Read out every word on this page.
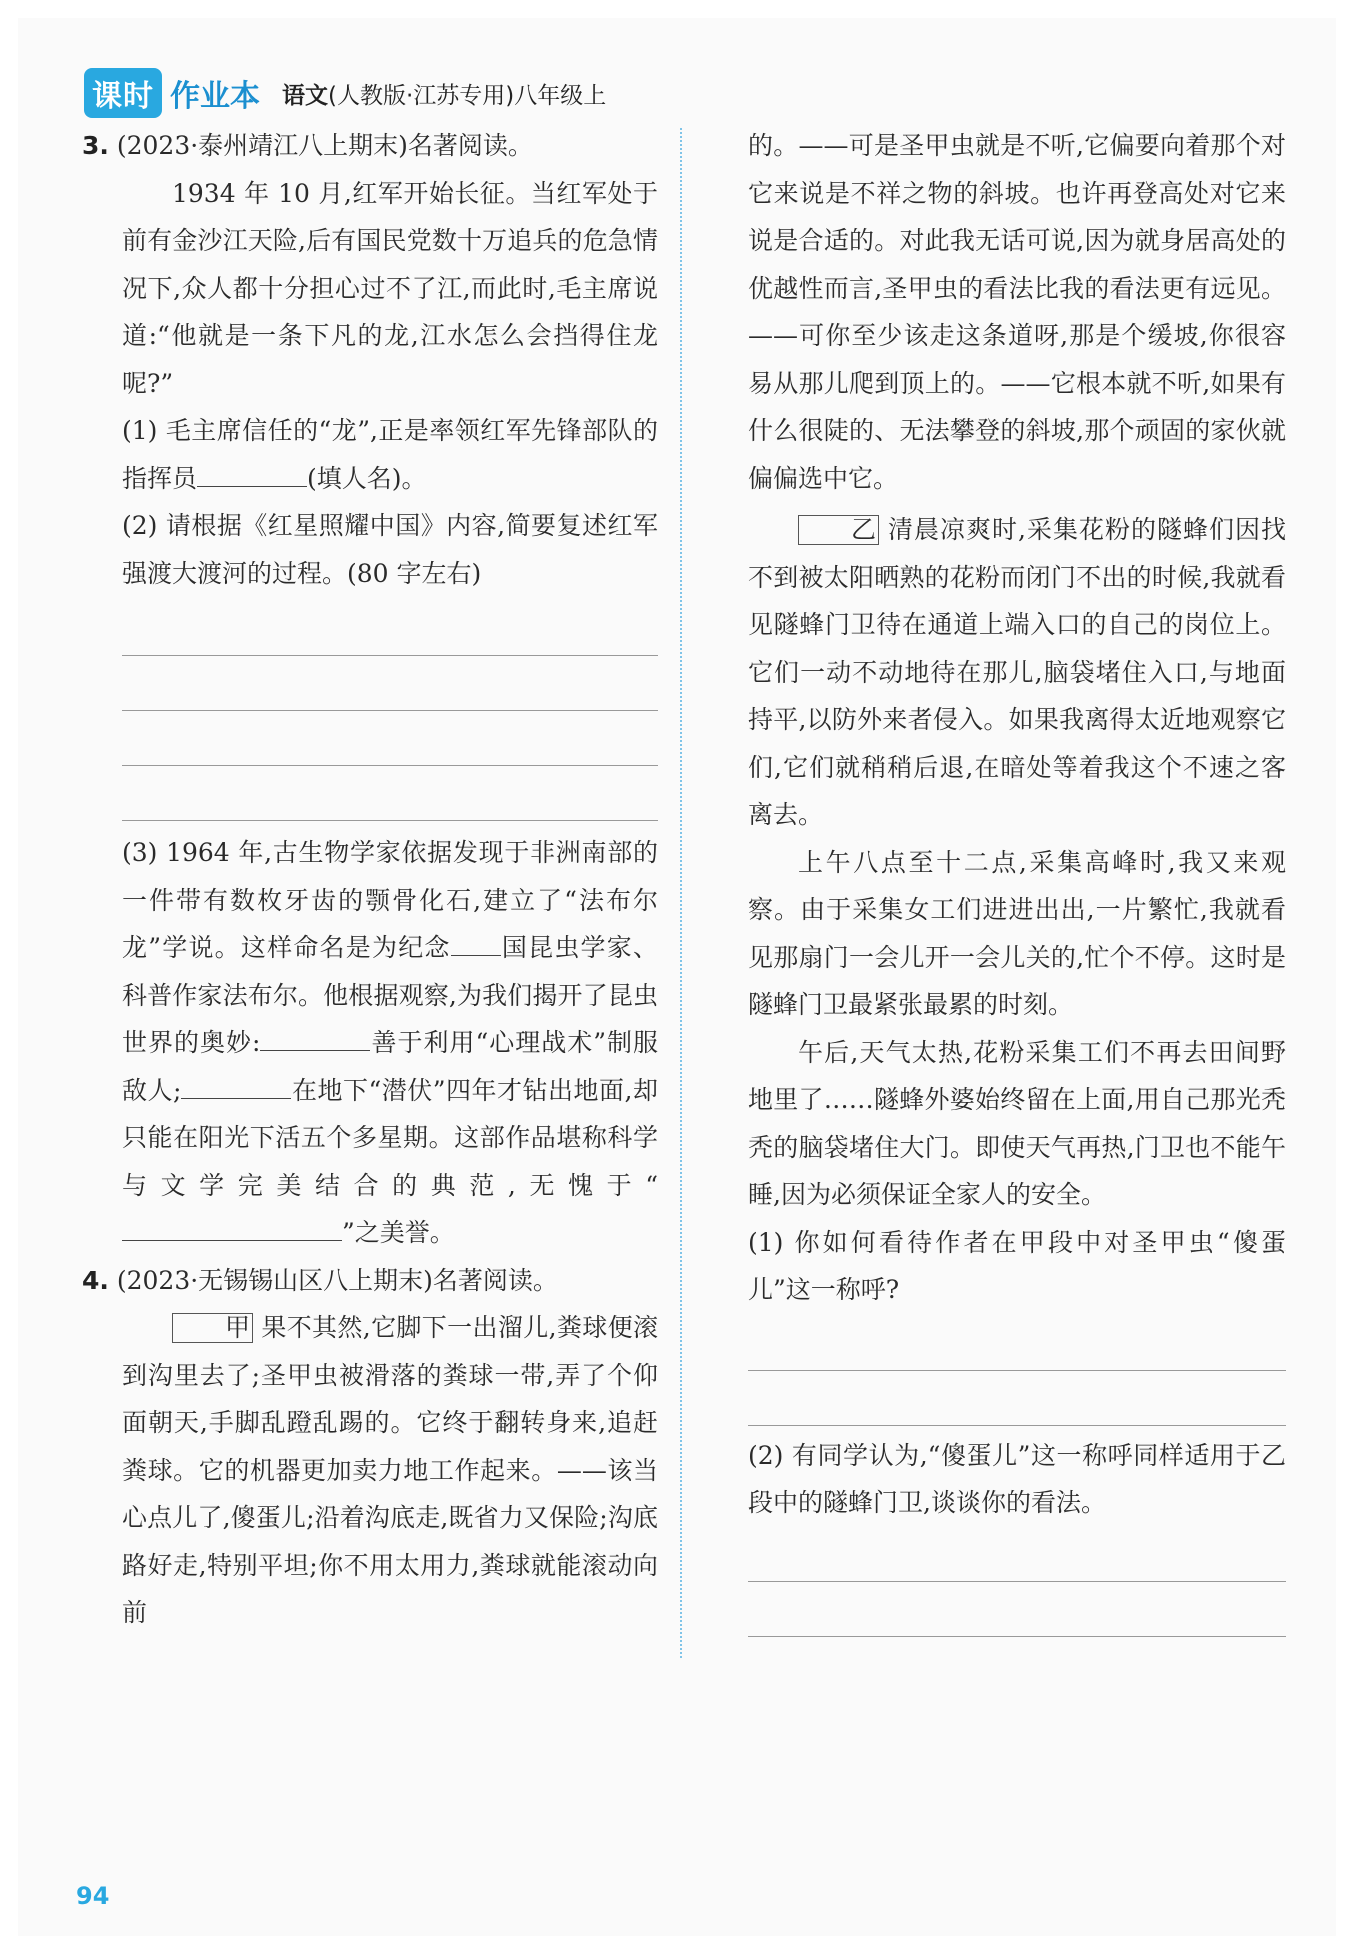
课时 作业本 语文(人教版·江苏专用)八年级上

3. (2023·泰州靖江八上期末)名著阅读。

1934 年 10 月,红军开始长征。当红军处于前有金沙江天险,后有国民党数十万追兵的危急情况下,众人都十分担心过不了江,而此时,毛主席说道:“他就是一条下凡的龙,江水怎么会挡得住龙呢?”

(1) 毛主席信任的“龙”,正是率领红军先锋部队的指挥员	(填人名)。

(2) 请根据《红星照耀中国》内容,简要复述红军强渡大渡河的过程。(80 字左右)

(3) 1964 年,古生物学家依据发现于非洲南部的一件带有数枚牙齿的颚骨化石,建立了“法布尔龙”学说。这样命名是为纪念 国昆虫学家、科普作家法布尔。他根据观察,为我们揭开了昆虫世界的奥妙:	善于利用“心理战术”制服敌人;	在地下“潜伏”四年才钻出地面,却只能在阳光下活五个多星期。这部作品堪称科学与文学完美结合的典范,无愧于“”之美誉。

4. (2023·无锡锡山区八上期末)名著阅读。

甲 果不其然,它脚下一出溜儿,粪球便滚到沟里去了;圣甲虫被滑落的粪球一带,弄了个仰面朝天,手脚乱蹬乱踢的。它终于翻转身来,追赶粪球。它的机器更加卖力地工作起来。——该当心点儿了,傻蛋儿;沿着沟底走,既省力又保险;沟底路好走,特别平坦;你不用太用力,粪球就能滚动向前

的。——可是圣甲虫就是不听,它偏要向着那个对它来说是不祥之物的斜坡。也许再登高处对它来说是合适的。对此我无话可说,因为就身居高处的优越性而言,圣甲虫的看法比我的看法更有远见。——可你至少该走这条道呀,那是个缓坡,你很容易从那儿爬到顶上的。——它根本就不听,如果有什么很陡的、无法攀登的斜坡,那个顽固的家伙就偏偏选中它。

乙 清晨凉爽时,采集花粉的隧蜂们因找不到被太阳晒熟的花粉而闭门不出的时候,我就看见隧蜂门卫待在通道上端入口的自己的岗位上。它们一动不动地待在那儿,脑袋堵住入口,与地面持平,以防外来者侵入。如果我离得太近地观察它们,它们就稍稍后退,在暗处等着我这个不速之客离去。

上午八点至十二点,采集高峰时,我又来观察。由于采集女工们进进出出,一片繁忙,我就看见那扇门一会儿开一会儿关的,忙个不停。这时是隧蜂门卫最紧张最累的时刻。

午后,天气太热,花粉采集工们不再去田间野地里了……隧蜂外婆始终留在上面,用自己那光秃秃的脑袋堵住大门。即使天气再热,门卫也不能午睡,因为必须保证全家人的安全。

(1) 你如何看待作者在甲段中对圣甲虫“傻蛋儿”这一称呼?

(2) 有同学认为,“傻蛋儿”这一称呼同样适用于乙段中的隧蜂门卫,谈谈你的看法。

94
